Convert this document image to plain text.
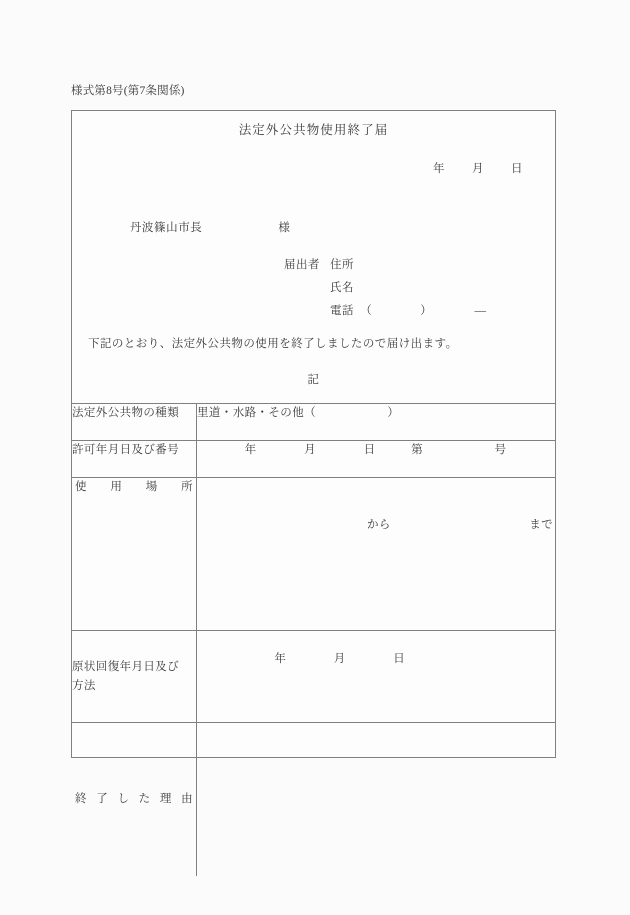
様式第8号(第7条関係)
法定外公共物使用終了届
年        月        日

丹波篠山市長	様

届出者 住所
氏名
電話　（　　　　）　　　　—
下記のとおり、法定外公共物の使用を終了しましたので届け出ます。
記
法定外公共物の種類	里道・水路・その他（　　　　　　）
許可年月日及び番号	　　　　年　　　　月　　　　日　　　第　　　　　　号

使 用 場 所	から

まで

原状回復年月日及び
方法	年　　　　月　　　　日

終 了 し た 理 由
